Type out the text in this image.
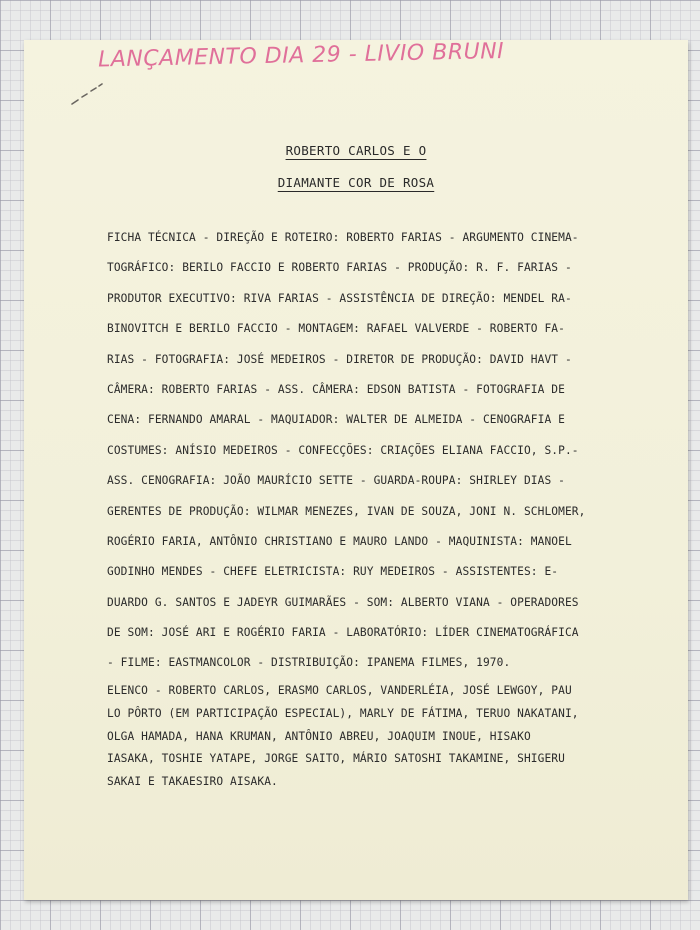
LANÇAMENTO DIA 29 - LIVIO BRUNI

ROBERTO CARLOS E O

DIAMANTE COR DE ROSA

FICHA TÉCNICA - DIREÇÃO E ROTEIRO: ROBERTO FARIAS - ARGUMENTO CINEMA-
TOGRÁFICO: BERILO FACCIO E ROBERTO FARIAS - PRODUÇÃO: R. F. FARIAS -
PRODUTOR EXECUTIVO: RIVA FARIAS - ASSISTÊNCIA DE DIREÇÃO: MENDEL RA-
BINOVITCH E BERILO FACCIO - MONTAGEM: RAFAEL VALVERDE - ROBERTO FA-
RIAS - FOTOGRAFIA: JOSÉ MEDEIROS - DIRETOR DE PRODUÇÃO: DAVID HAVT -
CÂMERA: ROBERTO FARIAS - ASS. CÂMERA: EDSON BATISTA - FOTOGRAFIA DE
CENA: FERNANDO AMARAL - MAQUIADOR: WALTER DE ALMEIDA - CENOGRAFIA E
COSTUMES: ANÍSIO MEDEIROS - CONFECÇÕES: CRIAÇÕES ELIANA FACCIO, S.P.-
ASS. CENOGRAFIA: JOÃO MAURÍCIO SETTE - GUARDA-ROUPA: SHIRLEY DIAS -
GERENTES DE PRODUÇÃO: WILMAR MENEZES, IVAN DE SOUZA, JONI N. SCHLOMER,
ROGÉRIO FARIA, ANTÔNIO CHRISTIANO E MAURO LANDO - MAQUINISTA: MANOEL
GODINHO MENDES - CHEFE ELETRICISTA: RUY MEDEIROS - ASSISTENTES: E-
DUARDO G. SANTOS E JADEYR GUIMARÃES - SOM: ALBERTO VIANA - OPERADORES
DE SOM: JOSÉ ARI E ROGÉRIO FARIA - LABORATÓRIO: LÍDER CINEMATOGRÁFICA
- FILME: EASTMANCOLOR - DISTRIBUIÇÃO: IPANEMA FILMES, 1970.
ELENCO - ROBERTO CARLOS, ERASMO CARLOS, VANDERLÉIA, JOSÉ LEWGOY, PAU
LO PÔRTO (EM PARTICIPAÇÃO ESPECIAL), MARLY DE FÁTIMA, TERUO NAKATANI,
OLGA HAMADA, HANA KRUMAN, ANTÔNIO ABREU, JOAQUIM INOUE, HISAKO
IASAKA, TOSHIE YATAPE, JORGE SAITO, MÁRIO SATOSHI TAKAMINE, SHIGERU
SAKAI E TAKAESIRO AISAKA.
